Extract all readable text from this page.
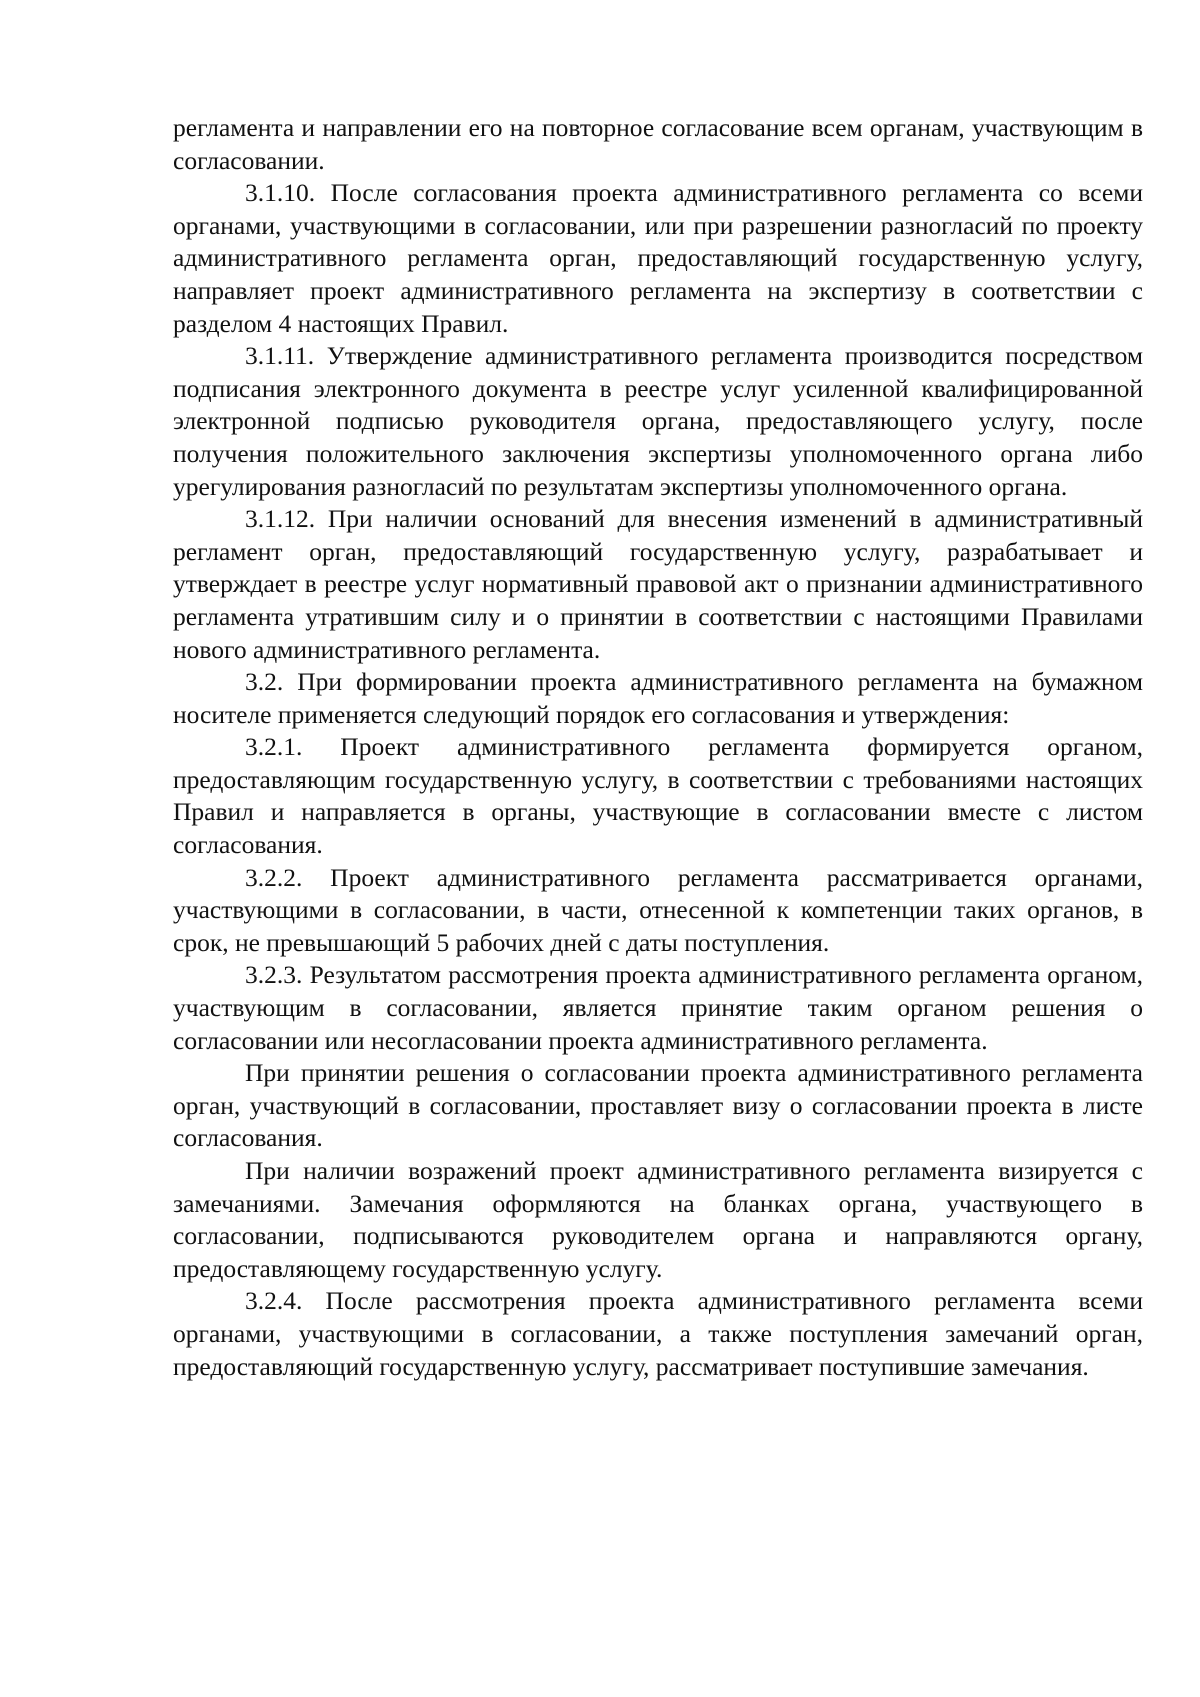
регламента и направлении его на повторное согласование всем органам, участвующим в согласовании.

3.1.10. После согласования проекта административного регламента со всеми органами, участвующими в согласовании, или при разрешении разногласий по проекту административного регламента орган, предоставляющий государственную услугу, направляет проект административного регламента на экспертизу в соответствии с разделом 4 настоящих Правил.

3.1.11. Утверждение административного регламента производится посредством подписания электронного документа в реестре услуг усиленной квалифицированной электронной подписью руководителя органа, предоставляющего услугу, после получения положительного заключения экспертизы уполномоченного органа либо урегулирования разногласий по результатам экспертизы уполномоченного органа.

3.1.12. При наличии оснований для внесения изменений в административный регламент орган, предоставляющий государственную услугу, разрабатывает и утверждает в реестре услуг нормативный правовой акт о признании административного регламента утратившим силу и о принятии в соответствии с настоящими Правилами нового административного регламента.

3.2. При формировании проекта административного регламента на бумажном носителе применяется следующий порядок его согласования и утверждения:

3.2.1. Проект административного регламента формируется органом, предоставляющим государственную услугу, в соответствии с требованиями настоящих Правил и направляется в органы, участвующие в согласовании вместе с листом согласования.

3.2.2. Проект административного регламента рассматривается органами, участвующими в согласовании, в части, отнесенной к компетенции таких органов, в срок, не превышающий 5 рабочих дней с даты поступления.

3.2.3. Результатом рассмотрения проекта административного регламента органом, участвующим в согласовании, является принятие таким органом решения о согласовании или несогласовании проекта административного регламента.

При принятии решения о согласовании проекта административного регламента орган, участвующий в согласовании, проставляет визу о согласовании проекта в листе согласования.

При наличии возражений проект административного регламента визируется с замечаниями. Замечания оформляются на бланках органа, участвующего в согласовании, подписываются руководителем органа и направляются органу, предоставляющему государственную услугу.

3.2.4. После рассмотрения проекта административного регламента всеми органами, участвующими в согласовании, а также поступления замечаний орган, предоставляющий государственную услугу, рассматривает поступившие замечания.
